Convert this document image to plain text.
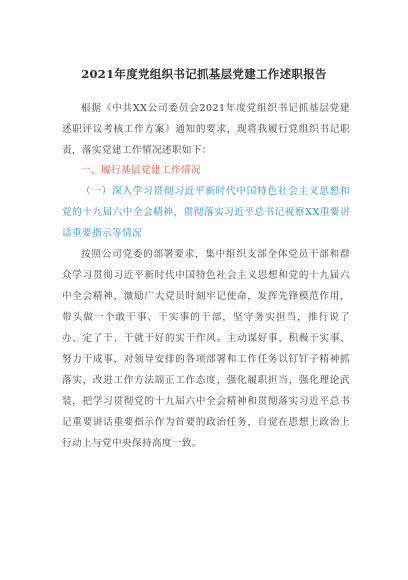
2021年度党组织书记抓基层党建工作述职报告

根据《中共XX公司委员会2021年度党组织书记抓基层党建述职评议考核工作方案》通知的要求，现将我履行党组织书记职责，落实党建工作情况述职如下：

一、履行基层党建工作情况

（一）深入学习贯彻习近平新时代中国特色社会主义思想和党的十九届六中全会精神，贯彻落实习近平总书记视察XX重要讲话重要指示等情况

按照公司党委的部署要求，集中组织支部全体党员干部和群众学习贯彻习近平新时代中国特色社会主义思想和党的十九届六中全会精神，激励广大党员时刻牢记使命，发挥先锋模范作用，带头做一个敢干事、干实事的干部，坚守务实担当，推行说了办、定了干、干就干好的实干作风。主动谋好事、积极干实事、努力干成事，对领导安排的各项部署和工作任务以钉钉子精神抓落实，改进工作方法端正工作态度，强化履职担当，强化理论武装，把学习贯彻党的十九届六中全会精神和贯彻落实习近平总书记重要讲话重要指示作为首要的政治任务，自觉在思想上政治上行动上与党中央保持高度一致。
